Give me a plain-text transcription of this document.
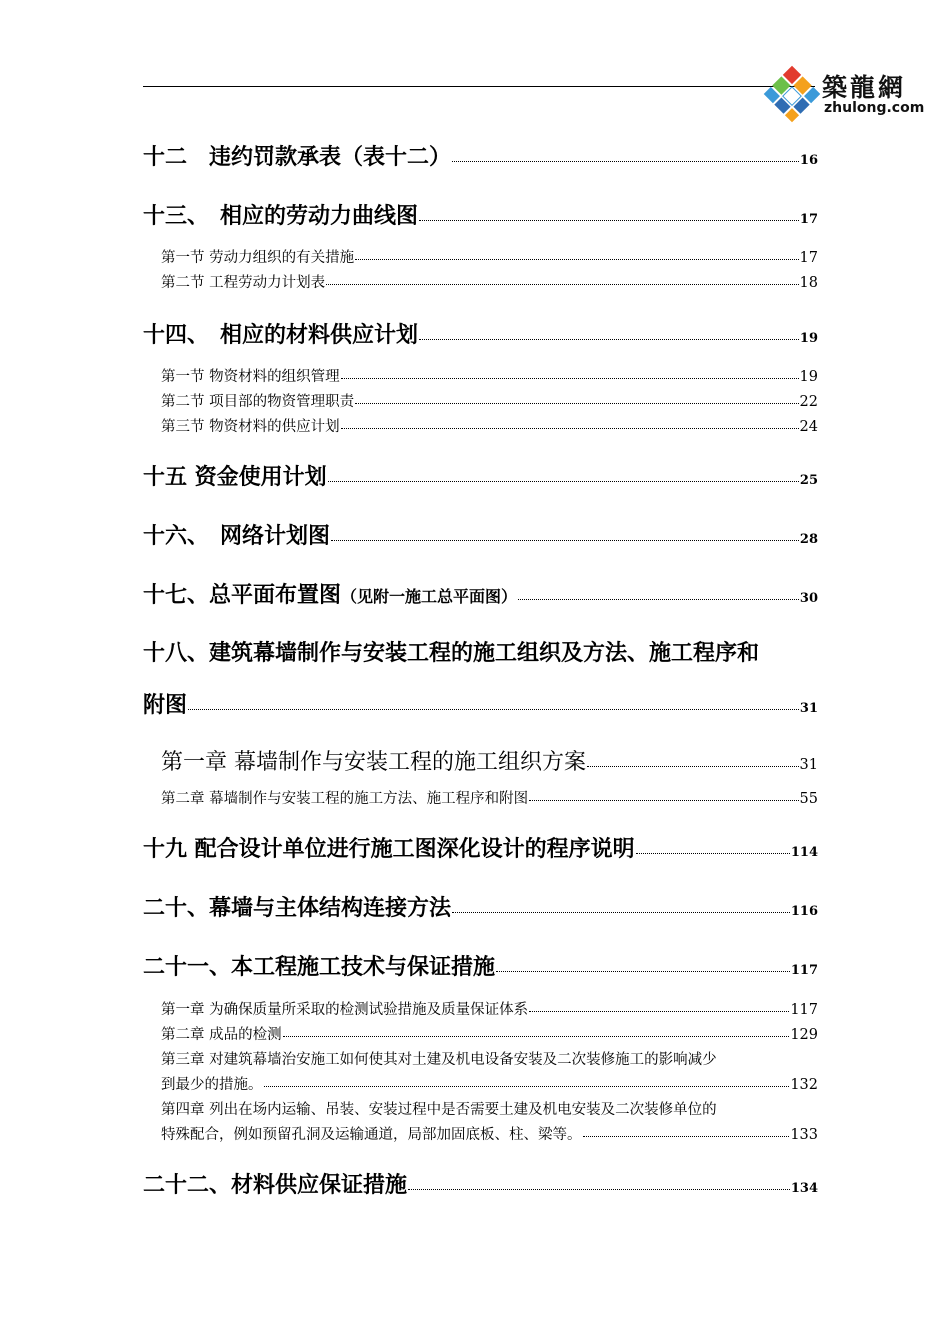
築龍網
zhulong.com
十二　违约罚款承表（表十二）	16
十三、　相应的劳动力曲线图	17
第一节 劳动力组织的有关措施	17
第二节 工程劳动力计划表	18
十四、　相应的材料供应计划	19
第一节 物资材料的组织管理	19
第二节 项目部的物资管理职责	22
第三节 物资材料的供应计划	24
十五 资金使用计划	25
十六、　网络计划图	28
十七、总平面布置图（见附一施工总平面图）	30
十八、建筑幕墙制作与安装工程的施工组织及方法、施工程序和
附图	31
第一章 幕墙制作与安装工程的施工组织方案	31
第二章 幕墙制作与安装工程的施工方法、施工程序和附图	55
十九 配合设计单位进行施工图深化设计的程序说明	114
二十、幕墙与主体结构连接方法	116
二十一、本工程施工技术与保证措施	117
第一章 为确保质量所采取的检测试验措施及质量保证体系	117
第二章 成品的检测	129
第三章 对建筑幕墙治安施工如何使其对土建及机电设备安装及二次装修施工的影响减少
到最少的措施。	132
第四章 列出在场内运输、吊装、安装过程中是否需要土建及机电安装及二次装修单位的
特殊配合，例如预留孔洞及运输通道，局部加固底板、柱、梁等。	133
二十二、材料供应保证措施	134
